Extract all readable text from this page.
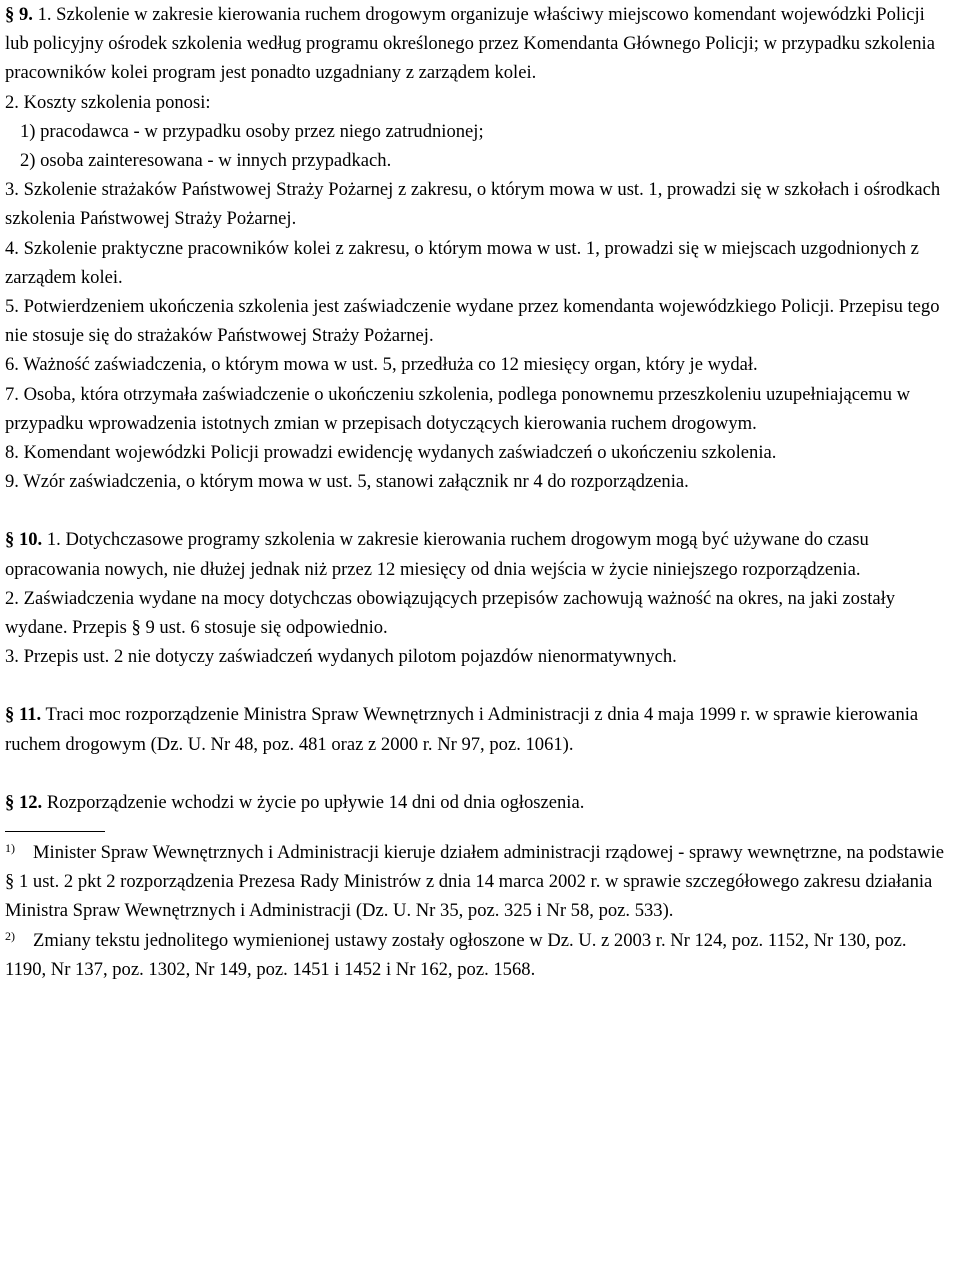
§ 9. 1. Szkolenie w zakresie kierowania ruchem drogowym organizuje właściwy miejscowo komendant wojewódzki Policji lub policyjny ośrodek szkolenia według programu określonego przez Komendanta Głównego Policji; w przypadku szkolenia pracowników kolei program jest ponadto uzgadniany z zarządem kolei.

2. Koszty szkolenia ponosi:

1) pracodawca - w przypadku osoby przez niego zatrudnionej;

2) osoba zainteresowana - w innych przypadkach.

3. Szkolenie strażaków Państwowej Straży Pożarnej z zakresu, o którym mowa w ust. 1, prowadzi się w szkołach i ośrodkach szkolenia Państwowej Straży Pożarnej.

4. Szkolenie praktyczne pracowników kolei z zakresu, o którym mowa w ust. 1, prowadzi się w miejscach uzgodnionych z zarządem kolei.

5. Potwierdzeniem ukończenia szkolenia jest zaświadczenie wydane przez komendanta wojewódzkiego Policji. Przepisu tego nie stosuje się do strażaków Państwowej Straży Pożarnej.

6. Ważność zaświadczenia, o którym mowa w ust. 5, przedłuża co 12 miesięcy organ, który je wydał.

7. Osoba, która otrzymała zaświadczenie o ukończeniu szkolenia, podlega ponownemu przeszkoleniu uzupełniającemu w przypadku wprowadzenia istotnych zmian w przepisach dotyczących kierowania ruchem drogowym.

8. Komendant wojewódzki Policji prowadzi ewidencję wydanych zaświadczeń o ukończeniu szkolenia.

9. Wzór zaświadczenia, o którym mowa w ust. 5, stanowi załącznik nr 4 do rozporządzenia.

§ 10. 1. Dotychczasowe programy szkolenia w zakresie kierowania ruchem drogowym mogą być używane do czasu opracowania nowych, nie dłużej jednak niż przez 12 miesięcy od dnia wejścia w życie niniejszego rozporządzenia.

2. Zaświadczenia wydane na mocy dotychczas obowiązujących przepisów zachowują ważność na okres, na jaki zostały wydane. Przepis § 9 ust. 6 stosuje się odpowiednio.

3. Przepis ust. 2 nie dotyczy zaświadczeń wydanych pilotom pojazdów nienormatywnych.

§ 11. Traci moc rozporządzenie Ministra Spraw Wewnętrznych i Administracji z dnia 4 maja 1999 r. w sprawie kierowania ruchem drogowym (Dz. U. Nr 48, poz. 481 oraz z 2000 r. Nr 97, poz. 1061).

§ 12. Rozporządzenie wchodzi w życie po upływie 14 dni od dnia ogłoszenia.

$^{1)}$ Minister Spraw Wewnętrznych i Administracji kieruje działem administracji rządowej - sprawy wewnętrzne, na podstawie § 1 ust. 2 pkt 2 rozporządzenia Prezesa Rady Ministrów z dnia 14 marca 2002 r. w sprawie szczegółowego zakresu działania Ministra Spraw Wewnętrznych i Administracji (Dz. U. Nr 35, poz. 325 i Nr 58, poz. 533).

$^{2)}$ Zmiany tekstu jednolitego wymienionej ustawy zostały ogłoszone w Dz. U. z 2003 r. Nr 124, poz. 1152, Nr 130, poz. 1190, Nr 137, poz. 1302, Nr 149, poz. 1451 i 1452 i Nr 162, poz. 1568.
